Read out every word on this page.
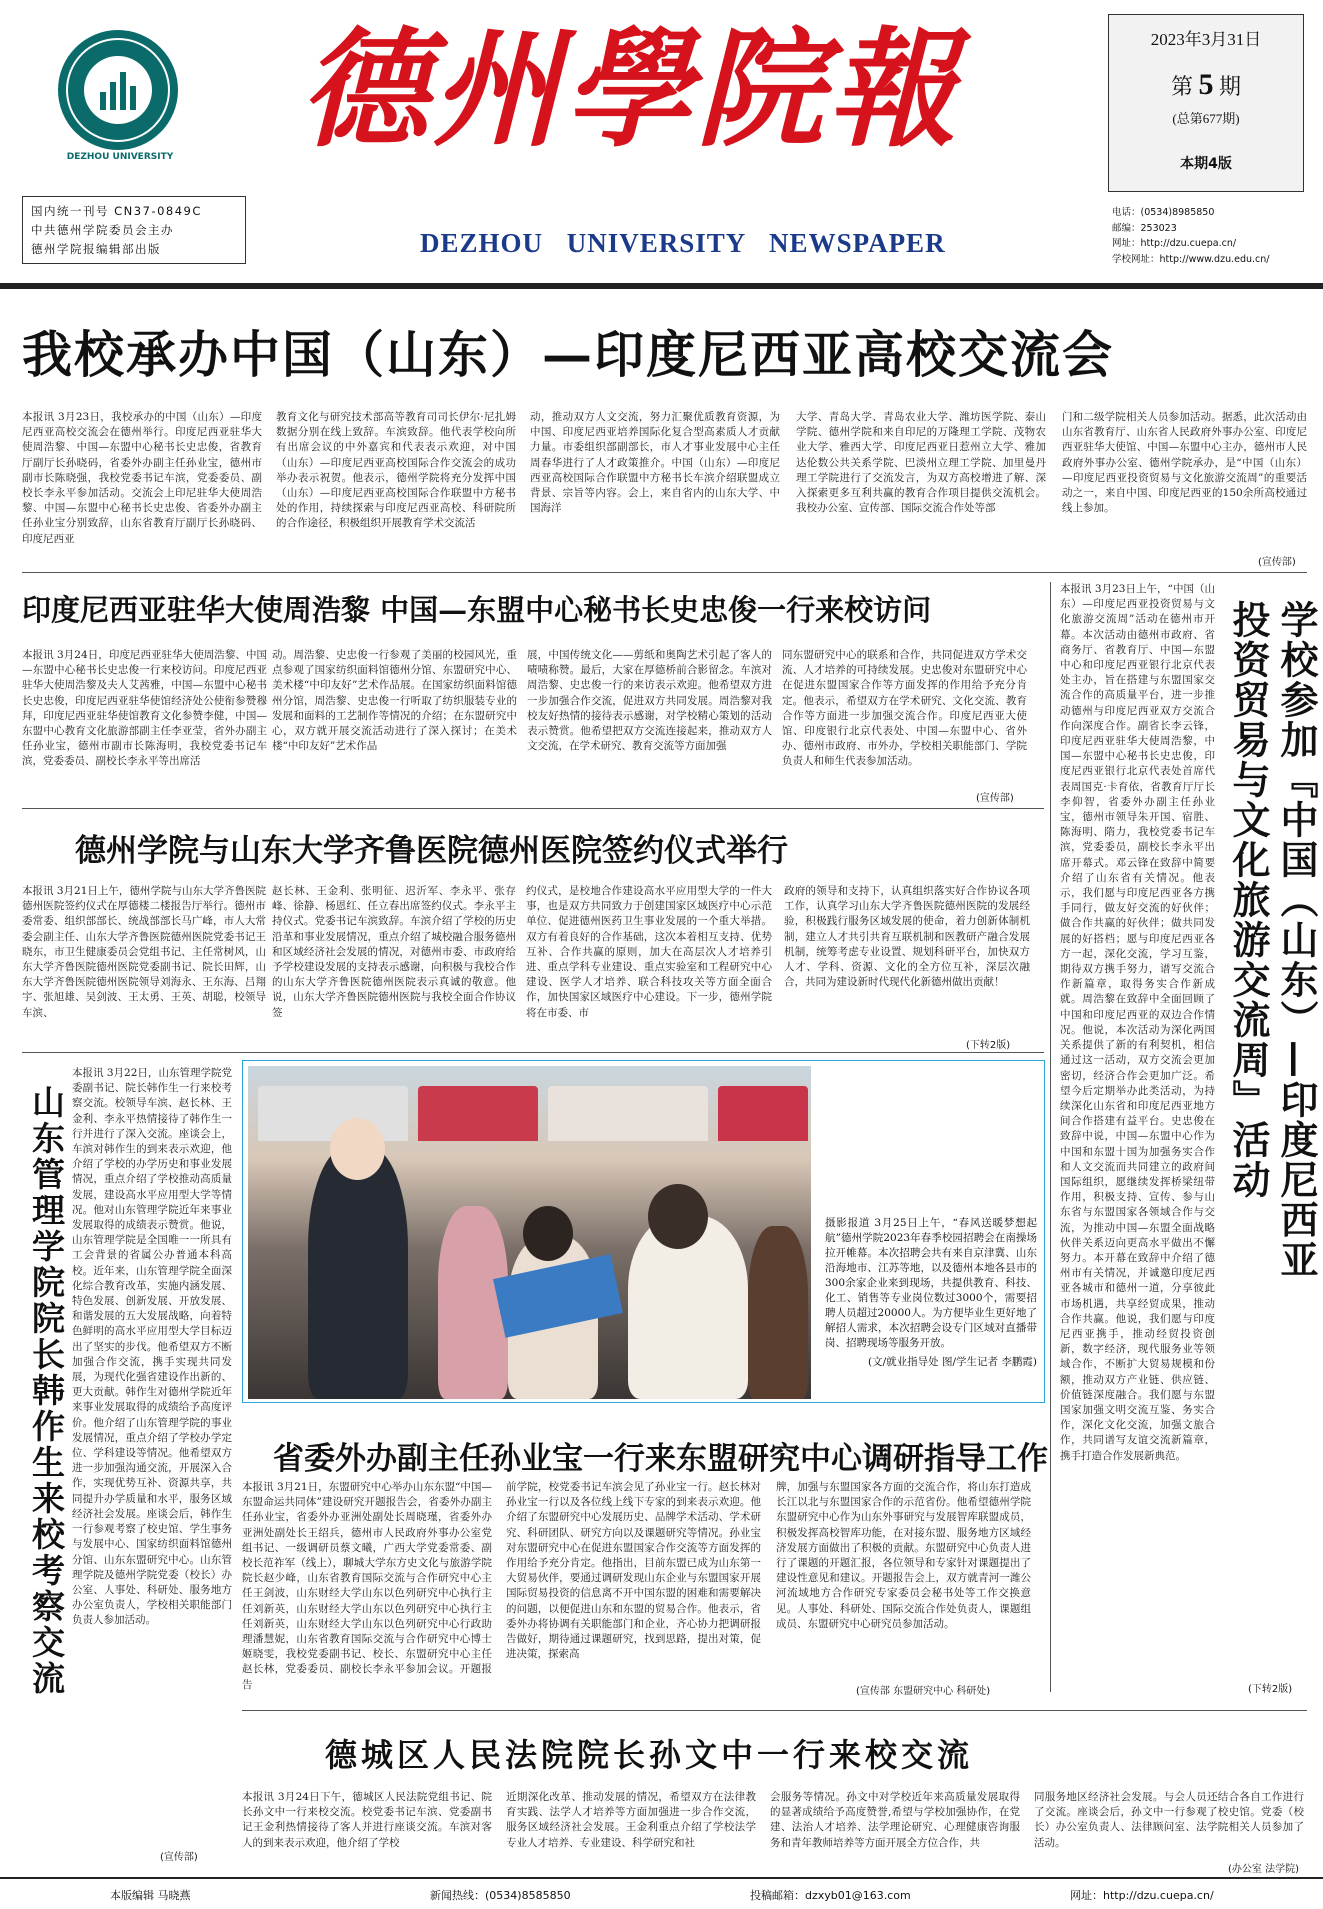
DEZHOU UNIVERSITY 德州學院報
DEZHOU UNIVERSITY NEWSPAPER
国内统一刊号 CN37-0849C
中共德州学院委员会主办
德州学院报编辑部出版
2023年3月31日
第 5 期
(总第677期)
本期4版
电话：(0534)8985850
邮编：253023
网址：http://dzu.cuepa.cn/
学校网址：http://www.dzu.edu.cn/
我校承办中国（山东）—印度尼西亚高校交流会
本报讯 3月23日，我校承办的中国（山东）—印度尼西亚高校交流会在德州举行。印度尼西亚驻华大使周浩黎、中国—东盟中心秘书长史忠俊，省教育厅副厅长孙晓码，省委外办副主任孙业宝，德州市副市长陈晓强，我校党委书记车滨，党委委员、副校长李永平参加活动。交流会上印尼驻华大使周浩黎、中国—东盟中心秘书长史忠俊、省委外办副主任孙业宝分别致辞，山东省教育厅副厅长孙晓码、印度尼西亚
教育文化与研究技术部高等教育司司长伊尔·尼扎姆数据分别在线上致辞。车滨致辞。他代表学校向所有出席会议的中外嘉宾和代表表示欢迎，对中国（山东）—印度尼西亚高校国际合作交流会的成功举办表示祝贺。他表示，德州学院将充分发挥中国（山东）—印度尼西亚高校国际合作联盟中方秘书处的作用，持续探索与印度尼西亚高校、科研院所的合作途径，积极组织开展教育学术交流活
动，推动双方人文交流，努力汇聚优质教育资源，为中国、印度尼西亚培养国际化复合型高素质人才贡献力量。市委组织部副部长，市人才事业发展中心主任周春华进行了人才政策推介。中国（山东）—印度尼西亚高校国际合作联盟中方秘书长车滨介绍联盟成立背景、宗旨等内容。会上，来自省内的山东大学、中国海洋
大学、青岛大学、青岛农业大学、潍坊医学院、泰山学院、德州学院和来自印尼的万隆理工学院、茂物农业大学、雅西大学、印度尼西亚日惹州立大学、雅加达伦数公共关系学院、巴淡州立理工学院、加里曼丹理工学院进行了交流发言，为双方高校增进了解、深入探索更多互利共赢的教育合作项目提供交流机会。我校办公室、宣传部、国际交流合作处等部
门和二级学院相关人员参加活动。据悉，此次活动由山东省教育厅、山东省人民政府外事办公室、印度尼西亚驻华大使馆、中国—东盟中心主办，德州市人民政府外事办公室、德州学院承办，是“中国（山东）—印度尼西亚投资贸易与文化旅游交流周”的重要活动之一，来自中国、印度尼西亚的150余所高校通过线上参加。
(宣传部)
印度尼西亚驻华大使周浩黎 中国—东盟中心秘书长史忠俊一行来校访问
本报讯 3月24日，印度尼西亚驻华大使周浩黎、中国—东盟中心秘书长史忠俊一行来校访问。印度尼西亚驻华大使周浩黎及夫人艾茜雅，中国—东盟中心秘书长史忠俊，印度尼西亚驻华使馆经济处公使衔参赞穆拜，印度尼西亚驻华使馆教育文化参赞李健，中国—东盟中心教育文化旅游部副主任李亚莹，省外办副主任孙业宝，德州市副市长陈海明，我校党委书记车滨，党委委员、副校长李永平等出席活
动。周浩黎、史忠俊一行参观了美丽的校园风光，重点参观了国家纺织面料馆德州分馆、东盟研究中心、美术楼“中印友好”艺术作品展。在国家纺织面料馆德州分馆，周浩黎、史忠俊一行听取了纺织服装专业的发展和面料的工艺制作等情况的介绍；在东盟研究中心，双方就开展交流活动进行了深入探讨；在美术楼“中印友好”艺术作品
展，中国传统文化——剪纸和奥陶艺术引起了客人的啧啧称赞。最后，大家在厚德桥前合影留念。车滨对周浩黎、史忠俊一行的来访表示欢迎。他希望双方进一步加强合作交流，促进双方共同发展。周浩黎对我校友好热情的接待表示感谢，对学校精心策划的活动表示赞赏。他希望把双方交流连接起来，推动双方人文交流，在学术研究、教育交流等方面加强
同东盟研究中心的联系和合作，共同促进双方学术交流、人才培养的可持续发展。史忠俊对东盟研究中心在促进东盟国家合作等方面发挥的作用给予充分肯定。他表示，希望双方在学术研究、文化交流、教育合作等方面进一步加强交流合作。印度尼西亚大使馆、印度银行北京代表处、中国—东盟中心、省外办、德州市政府、市外办，学校相关职能部门、学院负责人和师生代表参加活动。
(宣传部)
德州学院与山东大学齐鲁医院德州医院签约仪式举行
本报讯 3月21日上午，德州学院与山东大学齐鲁医院德州医院签约仪式在厚德楼二楼报告厅举行。德州市委常委、组织部部长、统战部部长马广峰，市人大常委会副主任、山东大学齐鲁医院德州医院党委书记王晓东，市卫生健康委员会党组书记、主任常树风，山东大学齐鲁医院德州医院党委副书记、院长田辉，山东大学齐鲁医院德州医院领导刘海永、王东海、吕翔宇、张旭雄、吴剑波、王太勇、王英、胡聪，校领导车滨、
赵长林、王金利、张明征、迟沂军、李永平、张存峰、徐静、杨恩红、任立春出席签约仪式。李永平主持仪式。党委书记车滨致辞。车滨介绍了学校的历史沿革和事业发展情况，重点介绍了城校融合服务德州和区域经济社会发展的情况，对德州市委、市政府给予学校建设发展的支持表示感谢，向积极与我校合作的山东大学齐鲁医院德州医院表示真诚的敬意。他说，山东大学齐鲁医院德州医院与我校全面合作协议签
约仪式，是校地合作建设高水平应用型大学的一件大事，也是双方共同致力于创建国家区域医疗中心示范单位、促进德州医药卫生事业发展的一个重大举措。双方有着良好的合作基础，这次本着相互支持、优势互补、合作共赢的原则，加大在高层次人才培养引进、重点学科专业建设、重点实验室和工程研究中心建设、医学人才培养、联合科技攻关等方面全面合作，加快国家区域医疗中心建设。下一步，德州学院将在市委、市
政府的领导和支持下，认真组织落实好合作协议各项工作，认真学习山东大学齐鲁医院德州医院的发展经验，积极践行服务区域发展的使命，着力创新体制机制，建立人才共引共育互联机制和医教研产融合发展机制，统筹考虑专业设置、规划科研平台，加快双方人才、学科、资源、文化的全方位互补，深层次融合，共同为建设新时代现代化新德州做出贡献！
(下转2版)	学校参加『中国（山东）—印度尼西亚投资贸易与文化旅游交流周』活动
本报讯 3月23日上午，“中国（山东）—印度尼西亚投资贸易与文化旅游交流周”活动在德州市开幕。本次活动由德州市政府、省商务厅、省教育厅、中国—东盟中心和印度尼西亚银行北京代表处主办，旨在搭建与东盟国家交流合作的高质量平台，进一步推动德州与印度尼西亚双方交流合作向深度合作。副省长李云锋，印度尼西亚驻华大使周浩黎，中国—东盟中心秘书长史忠俊，印度尼西亚银行北京代表处首席代表周国克·卡育依，省教育厅厅长李仰智，省委外办副主任孙业宝，德州市领导朱开国、宿胜、陈海明、隋力，我校党委书记车滨，党委委员，副校长李永平出席开幕式。邓云锋在致辞中简要介绍了山东省有关情况。他表示，我们愿与印度尼西亚各方携手同行，做友好交流的好伙伴；做合作共赢的好伙伴；做共同发展的好搭档；愿与印度尼西亚各方一起，深化交流，学习互鉴，期待双方携手努力，谱写交流合作新篇章，取得务实合作新成就。周浩黎在致辞中全面回顾了中国和印度尼西亚的双边合作情况。他说，本次活动为深化两国关系提供了新的有利契机，相信通过这一活动，双方交流会更加密切，经济合作会更加广泛。希望今后定期举办此类活动，为持续深化山东省和印度尼西亚地方间合作搭建有益平台。史忠俊在致辞中说，中国—东盟中心作为中国和东盟十国为加强务实合作和人文交流而共同建立的政府间国际组织，愿继续发挥桥梁纽带作用，积极支持、宣传、参与山东省与东盟国家各领域合作与交流，为推动中国—东盟全面战略伙伴关系迈向更高水平做出不懈努力。本开幕在致辞中介绍了德州市有关情况，并诚邀印度尼西亚各城市和德州一道，分享彼此市场机遇，共享经贸成果，推动合作共赢。他说，我们愿与印度尼西亚携手，推动经贸投资创新，数字经济，现代服务业等领域合作，不断扩大贸易规模和份额，推动双方产业链、供应链、价值链深度融合。我们愿与东盟国家加强文明交流互鉴、务实合作，深化文化交流，加强文旅合作，共同谱写友谊交流新篇章，携手打造合作发展新典范。
(下转2版)
山东管理学院院长韩作生来校考察交流
本报讯 3月22日，山东管理学院党委副书记、院长韩作生一行来校考察交流。校领导车滨、赵长林、王金利、李永平热情接待了韩作生一行并进行了深入交流。座谈会上，车滨对韩作生的到来表示欢迎，他介绍了学校的办学历史和事业发展情况，重点介绍了学校推动高质量发展，建设高水平应用型大学等情况。他对山东管理学院近年来事业发展取得的成绩表示赞赏。他说，山东管理学院是全国唯一一所具有工会背景的省属公办普通本科高校。近年来，山东管理学院全面深化综合教育改革，实施内涵发展、特色发展、创新发展、开放发展、和谐发展的五大发展战略，向着特色鲜明的高水平应用型大学目标迈出了坚实的步伐。他希望双方不断加强合作交流，携手实现共同发展，为现代化强省建设作出新的、更大贡献。韩作生对德州学院近年来事业发展取得的成绩给予高度评价。他介绍了山东管理学院的事业发展情况，重点介绍了学校办学定位、学科建设等情况。他希望双方进一步加强沟通交流，开展深入合作，实现优势互补、资源共享，共同提升办学质量和水平，服务区域经济社会发展。座谈会后，韩作生一行参观考察了校史馆、学生事务与发展中心、国家纺织面料馆德州分馆、山东东盟研究中心。山东管理学院及德州学院党委（校长）办公室、人事处、科研处、服务地方办公室负责人，学校相关职能部门负责人参加活动。
(宣传部)
摄影报道 3月25日上午，“春风送暖梦想起航”德州学院2023年春季校园招聘会在南操场拉开帷幕。本次招聘会共有来自京津冀、山东沿海地市、江苏等地，以及德州本地各县市的300余家企业来到现场，共提供教育、科技、化工、销售等专业岗位数过3000个，需要招聘人员超过20000人。为方便毕业生更好地了解招人需求，本次招聘会设专门区域对直播带岗、招聘现场等服务开放。
(文/就业指导处 图/学生记者 李鹏霞)
省委外办副主任孙业宝一行来东盟研究中心调研指导工作
本报讯 3月21日，东盟研究中心举办山东东盟“中国—东盟命运共同体”建设研究开题报告会，省委外办副主任孙业宝，省委外办亚洲处副处长周晓瑾，省委外办亚洲处副处长王绍兵，德州市人民政府外事办公室党组书记、一级调研员蔡文曦，广西大学党委常委、副校长范祚军（线上），聊城大学东方史文化与旅游学院院长赵少峰，山东省教育国际交流与合作研究中心主任王剑波，山东财经大学山东以色列研究中心执行主任刘新英，山东财经大学山东以色列研究中心执行主任刘新英，山东财经大学山东以色列研究中心行政助理潘慧妮，山东省教育国际交流与合作研究中心博士姬晓雯，我校党委副书记、校长、东盟研究中心主任赵长林，党委委员、副校长李永平参加会议。开题报告
前学院，校党委书记车滨会见了孙业宝一行。赵长林对孙业宝一行以及各位线上线下专家的到来表示欢迎。他介绍了东盟研究中心发展历史、品牌学术活动、学术研究、科研团队、研究方向以及课题研究等情况。孙业宝对东盟研究中心在促进东盟国家合作交流等方面发挥的作用给予充分肯定。他指出，目前东盟已成为山东第一大贸易伙伴，要通过调研发现山东企业与东盟国家开展国际贸易投资的信息离不开中国东盟的困难和需要解决的问题，以便促进山东和东盟的贸易合作。他表示，省委外办将协调有关职能部门和企业，齐心协力把调研报告做好，期待通过课题研究，找到思路，提出对策，促进决策，探索高
牌，加强与东盟国家各方面的交流合作，将山东打造成长江以北与东盟国家合作的示范省份。他希望德州学院东盟研究中心作为山东外事研究与发展智库联盟成员，积极发挥高校智库功能，在对接东盟、服务地方区域经济发展方面做出了积极的贡献。东盟研究中心负责人进行了课题的开题汇报，各位领导和专家针对课题提出了建设性意见和建议。开题报告会上，双方就青河一潍公河流域地方合作研究专家委员会秘书处等工作交换意见。人事处、科研处、国际交流合作处负责人，课题组成员、东盟研究中心研究员参加活动。
(宣传部 东盟研究中心 科研处)
德城区人民法院院长孙文中一行来校交流
本报讯 3月24日下午，德城区人民法院党组书记、院长孙文中一行来校交流。校党委书记车滨、党委副书记王金利热情接待了客人并进行座谈交流。车滨对客人的到来表示欢迎，他介绍了学校
近期深化改革、推动发展的情况，希望双方在法律教育实践、法学人才培养等方面加强进一步合作交流，服务区域经济社会发展。王金利重点介绍了学校法学专业人才培养、专业建设、科学研究和社
会服务等情况。孙文中对学校近年来高质量发展取得的显著成绩给予高度赞誉,希望与学校加强协作，在党建、法治人才培养、法学理论研究、心理健康咨询服务和青年教师培养等方面开展全方位合作，共
同服务地区经济社会发展。与会人员还结合各自工作进行了交流。座谈会后，孙文中一行参观了校史馆。党委（校长）办公室负责人、法律顾问室、法学院相关人员参加了活动。
(办公室 法学院)
本版编辑 马晓燕	新闻热线：(0534)8585850	投稿邮箱：dzxyb01@163.com	网址：http://dzu.cuepa.cn/
